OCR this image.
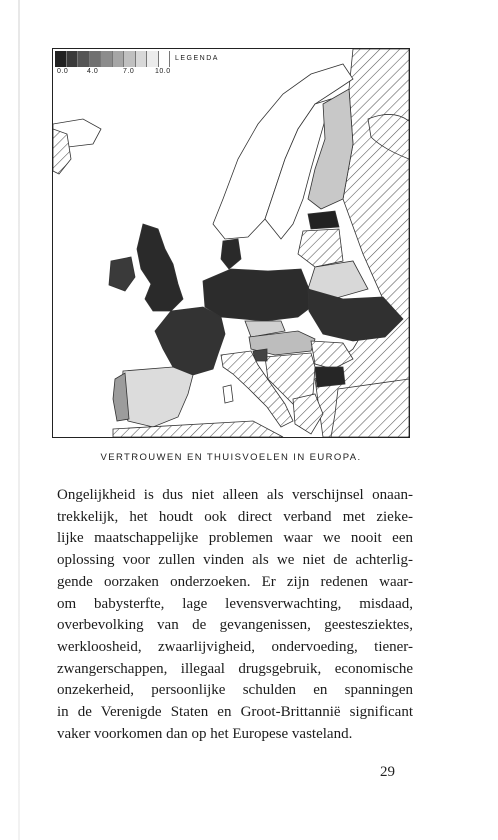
LEGENDA
0.0	4.0	7.0	10.0
VERTROUWEN EN THUISVOELEN IN EUROPA.
Ongelijkheid is dus niet alleen als verschijnsel onaan-
trekkelijk, het houdt ook direct verband met zieke-
lijke maatschappelijke problemen waar we nooit een
oplossing voor zullen vinden als we niet de achterlig-
gende oorzaken onderzoeken. Er zijn redenen waar-
om babysterfte, lage levensverwachting, misdaad,
overbevolking van de gevangenissen, geestesziektes,
werkloosheid, zwaarlijvigheid, ondervoeding, tiener-
zwangerschappen, illegaal drugsgebruik, economische
onzekerheid, persoonlijke schulden en spanningen
in de Verenigde Staten en Groot-Brittannië significant
vaker voorkomen dan op het Europese vasteland.
29
